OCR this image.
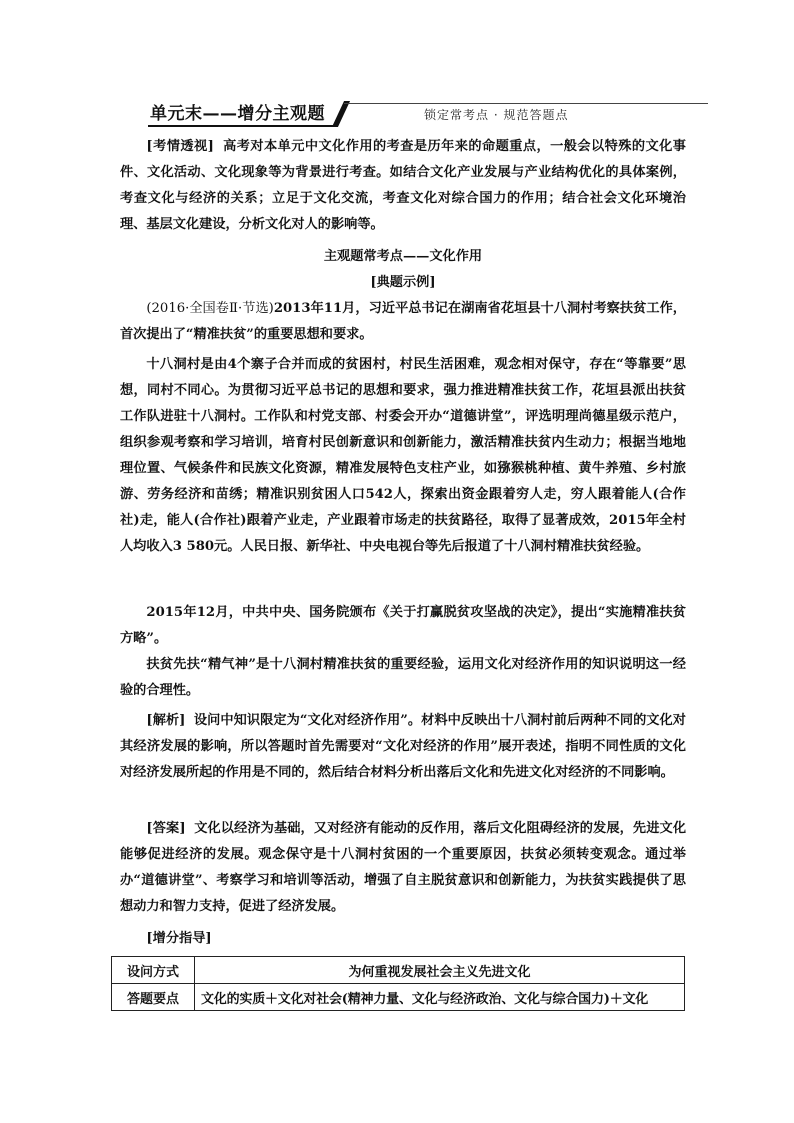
单元末——增分主观题	锁定常考点 · 规范答题点

[考情透视] 高考对本单元中文化作用的考查是历年来的命题重点，一般会以特殊的文化事件、文化活动、文化现象等为背景进行考查。如结合文化产业发展与产业结构优化的具体案例，考查文化与经济的关系；立足于文化交流，考查文化对综合国力的作用；结合社会文化环境治理、基层文化建设，分析文化对人的影响等。

主观题常考点——文化作用

[典题示例]

(2016·全国卷Ⅱ·节选)2013年11月，习近平总书记在湖南省花垣县十八洞村考察扶贫工作，首次提出了“精准扶贫”的重要思想和要求。

十八洞村是由4个寨子合并而成的贫困村，村民生活困难，观念相对保守，存在“等靠要”思想，同村不同心。为贯彻习近平总书记的思想和要求，强力推进精准扶贫工作，花垣县派出扶贫工作队进驻十八洞村。工作队和村党支部、村委会开办“道德讲堂”，评选明理尚德星级示范户，组织参观考察和学习培训，培育村民创新意识和创新能力，激活精准扶贫内生动力；根据当地地理位置、气候条件和民族文化资源，精准发展特色支柱产业，如猕猴桃种植、黄牛养殖、乡村旅游、劳务经济和苗绣；精准识别贫困人口542人，探索出资金跟着穷人走，穷人跟着能人(合作社)走，能人(合作社)跟着产业走，产业跟着市场走的扶贫路径，取得了显著成效，2015年全村人均收入3 580元。人民日报、新华社、中央电视台等先后报道了十八洞村精准扶贫经验。

2015年12月，中共中央、国务院颁布《关于打赢脱贫攻坚战的决定》，提出“实施精准扶贫方略”。

扶贫先扶“精气神”是十八洞村精准扶贫的重要经验，运用文化对经济作用的知识说明这一经验的合理性。

[解析] 设问中知识限定为“文化对经济作用”。材料中反映出十八洞村前后两种不同的文化对其经济发展的影响，所以答题时首先需要对“文化对经济的作用”展开表述，指明不同性质的文化对经济发展所起的作用是不同的，然后结合材料分析出落后文化和先进文化对经济的不同影响。

[答案] 文化以经济为基础，又对经济有能动的反作用，落后文化阻碍经济的发展，先进文化能够促进经济的发展。观念保守是十八洞村贫困的一个重要原因，扶贫必须转变观念。通过举办“道德讲堂”、考察学习和培训等活动，增强了自主脱贫意识和创新能力，为扶贫实践提供了思想动力和智力支持，促进了经济发展。

[增分指导]

设问方式	为何重视发展社会主义先进文化
答题要点	文化的实质＋文化对社会(精神力量、文化与经济政治、文化与综合国力)＋文化
